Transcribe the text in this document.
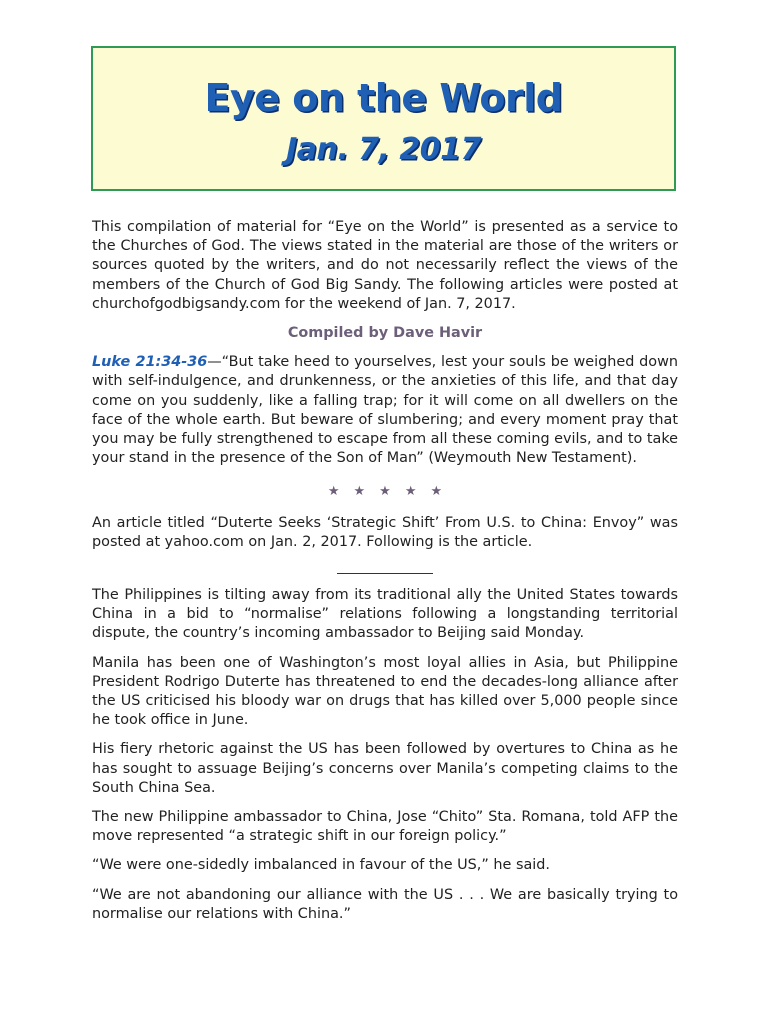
Eye on the World
Jan. 7, 2017

This compilation of material for “Eye on the World” is presented as a service to the Churches of God. The views stated in the material are those of the writers or sources quoted by the writers, and do not necessarily reflect the views of the members of the Church of God Big Sandy. The following articles were posted at churchofgodbigsandy.com for the weekend of Jan. 7, 2017.

Compiled by Dave Havir

Luke 21:34-36—“But take heed to yourselves, lest your souls be weighed down with self-indulgence, and drunkenness, or the anxieties of this life, and that day come on you suddenly, like a falling trap; for it will come on all dwellers on the face of the whole earth. But beware of slumbering; and every moment pray that you may be fully strengthened to escape from all these coming evils, and to take your stand in the presence of the Son of Man” (Weymouth New Testament).

★★★★★

An article titled “Duterte Seeks ‘Strategic Shift’ From U.S. to China: Envoy” was posted at yahoo.com on Jan. 2, 2017. Following is the article.

The Philippines is tilting away from its traditional ally the United States towards China in a bid to “normalise” relations following a longstanding territorial dispute, the country’s incoming ambassador to Beijing said Monday.

Manila has been one of Washington’s most loyal allies in Asia, but Philippine President Rodrigo Duterte has threatened to end the decades-long alliance after the US criticised his bloody war on drugs that has killed over 5,000 people since he took office in June.

His fiery rhetoric against the US has been followed by overtures to China as he has sought to assuage Beijing’s concerns over Manila’s competing claims to the South China Sea.

The new Philippine ambassador to China, Jose “Chito” Sta. Romana, told AFP the move represented “a strategic shift in our foreign policy.”

“We were one-sidedly imbalanced in favour of the US,” he said.

“We are not abandoning our alliance with the US . . . We are basically trying to normalise our relations with China.”
